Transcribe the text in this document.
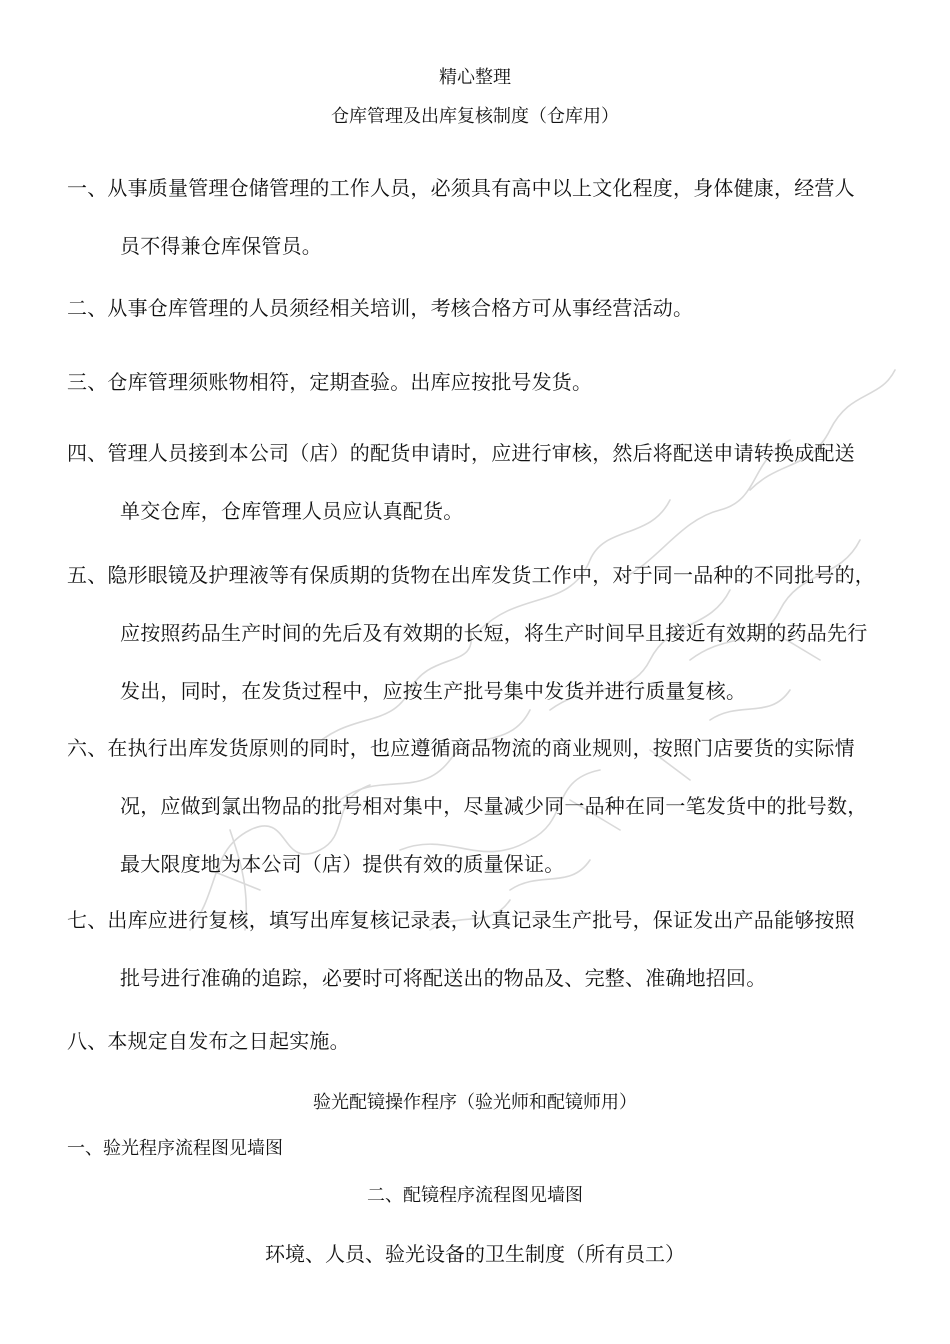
精心整理
仓库管理及出库复核制度（仓库用）
一、从事质量管理仓储管理的工作人员，必须具有高中以上文化程度，身体健康，经营人
员不得兼仓库保管员。
二、从事仓库管理的人员须经相关培训，考核合格方可从事经营活动。
三、仓库管理须账物相符，定期查验。出库应按批号发货。
四、管理人员接到本公司（店）的配货申请时，应进行审核，然后将配送申请转换成配送
单交仓库，仓库管理人员应认真配货。
五、隐形眼镜及护理液等有保质期的货物在出库发货工作中，对于同一品种的不同批号的，
应按照药品生产时间的先后及有效期的长短，将生产时间早且接近有效期的药品先行发出，同时，在发货过程中，应按生产批号集中发货并进行质量复核。
六、在执行出库发货原则的同时，也应遵循商品物流的商业规则，按照门店要货的实际情
况，应做到氯出物品的批号相对集中，尽量减少同一品种在同一笔发货中的批号数，最大限度地为本公司（店）提供有效的质量保证。
七、出库应进行复核，填写出库复核记录表，认真记录生产批号，保证发出产品能够按照
批号进行准确的追踪，必要时可将配送出的物品及、完整、准确地招回。
八、本规定自发布之日起实施。
验光配镜操作程序（验光师和配镜师用）
一、验光程序流程图见墙图
二、配镜程序流程图见墙图
环境、人员、验光设备的卫生制度（所有员工）
